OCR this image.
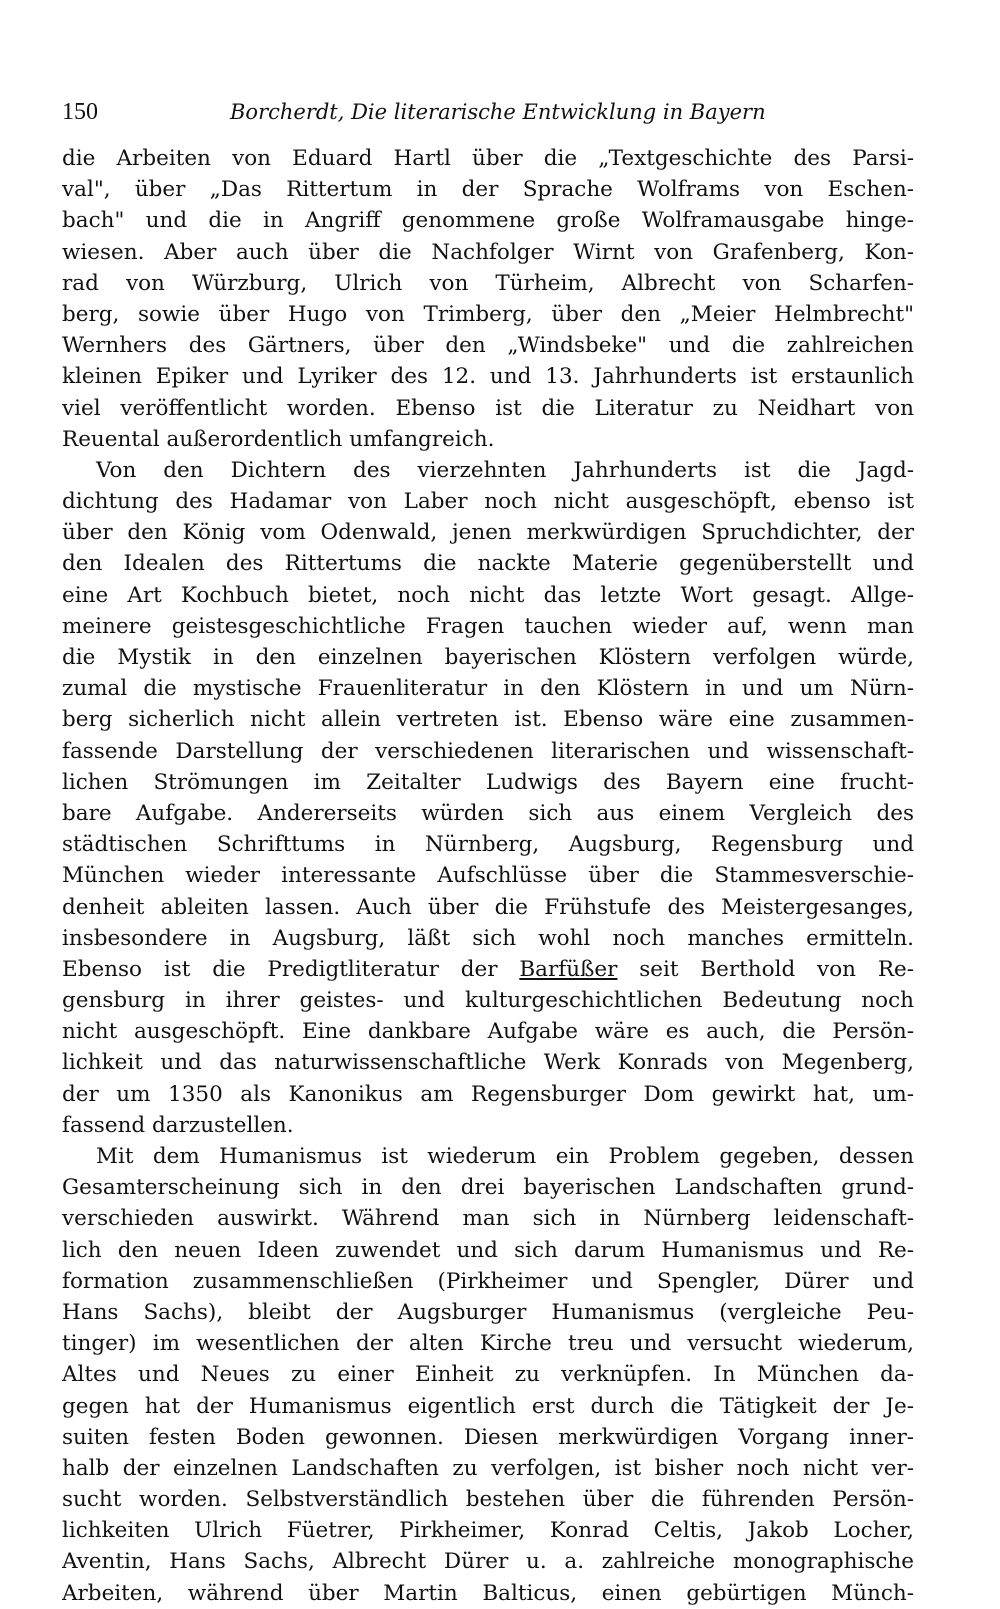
150	Borcherdt, Die literarische Entwicklung in Bayern
die Arbeiten von Eduard Hartl über die „Textgeschichte des Parsi-
val", über „Das Rittertum in der Sprache Wolframs von Eschen-
bach" und die in Angriff genommene große Wolframausgabe hinge-
wiesen. Aber auch über die Nachfolger Wirnt von Grafenberg, Kon-
rad von Würzburg, Ulrich von Türheim, Albrecht von Scharfen-
berg, sowie über Hugo von Trimberg, über den „Meier Helmbrecht"
Wernhers des Gärtners, über den „Windsbeke" und die zahlreichen
kleinen Epiker und Lyriker des 12. und 13. Jahrhunderts ist erstaunlich
viel veröffentlicht worden. Ebenso ist die Literatur zu Neidhart von
Reuental außerordentlich umfangreich.
Von den Dichtern des vierzehnten Jahrhunderts ist die Jagd-
dichtung des Hadamar von Laber noch nicht ausgeschöpft, ebenso ist
über den König vom Odenwald, jenen merkwürdigen Spruchdichter, der
den Idealen des Rittertums die nackte Materie gegenüberstellt und
eine Art Kochbuch bietet, noch nicht das letzte Wort gesagt. Allge-
meinere geistesgeschichtliche Fragen tauchen wieder auf, wenn man
die Mystik in den einzelnen bayerischen Klöstern verfolgen würde,
zumal die mystische Frauenliteratur in den Klöstern in und um Nürn-
berg sicherlich nicht allein vertreten ist. Ebenso wäre eine zusammen-
fassende Darstellung der verschiedenen literarischen und wissenschaft-
lichen Strömungen im Zeitalter Ludwigs des Bayern eine frucht-
bare Aufgabe. Andererseits würden sich aus einem Vergleich des
städtischen Schrifttums in Nürnberg, Augsburg, Regensburg und
München wieder interessante Aufschlüsse über die Stammesverschie-
denheit ableiten lassen. Auch über die Frühstufe des Meistergesanges,
insbesondere in Augsburg, läßt sich wohl noch manches ermitteln.
Ebenso ist die Predigtliteratur der Barfüßer seit Berthold von Re-
gensburg in ihrer geistes- und kulturgeschichtlichen Bedeutung noch
nicht ausgeschöpft. Eine dankbare Aufgabe wäre es auch, die Persön-
lichkeit und das naturwissenschaftliche Werk Konrads von Megenberg,
der um 1350 als Kanonikus am Regensburger Dom gewirkt hat, um-
fassend darzustellen.
Mit dem Humanismus ist wiederum ein Problem gegeben, dessen
Gesamterscheinung sich in den drei bayerischen Landschaften grund-
verschieden auswirkt. Während man sich in Nürnberg leidenschaft-
lich den neuen Ideen zuwendet und sich darum Humanismus und Re-
formation zusammenschließen (Pirkheimer und Spengler, Dürer und
Hans Sachs), bleibt der Augsburger Humanismus (vergleiche Peu-
tinger) im wesentlichen der alten Kirche treu und versucht wiederum,
Altes und Neues zu einer Einheit zu verknüpfen. In München da-
gegen hat der Humanismus eigentlich erst durch die Tätigkeit der Je-
suiten festen Boden gewonnen. Diesen merkwürdigen Vorgang inner-
halb der einzelnen Landschaften zu verfolgen, ist bisher noch nicht ver-
sucht worden. Selbstverständlich bestehen über die führenden Persön-
lichkeiten Ulrich Füetrer, Pirkheimer, Konrad Celtis, Jakob Locher,
Aventin, Hans Sachs, Albrecht Dürer u. a. zahlreiche monographische
Arbeiten, während über Martin Balticus, einen gebürtigen Münch-
